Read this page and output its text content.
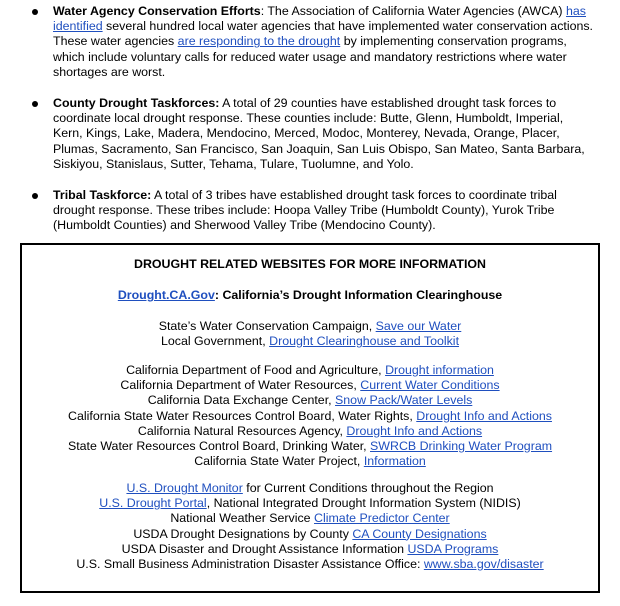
Water Agency Conservation Efforts: The Association of California Water Agencies (AWCA) has identified several hundred local water agencies that have implemented water conservation actions. These water agencies are responding to the drought by implementing conservation programs, which include voluntary calls for reduced water usage and mandatory restrictions where water shortages are worst.
County Drought Taskforces: A total of 29 counties have established drought task forces to coordinate local drought response. These counties include: Butte, Glenn, Humboldt, Imperial, Kern, Kings, Lake, Madera, Mendocino, Merced, Modoc, Monterey, Nevada, Orange, Placer, Plumas, Sacramento, San Francisco, San Joaquin, San Luis Obispo, San Mateo, Santa Barbara, Siskiyou, Stanislaus, Sutter, Tehama, Tulare, Tuolumne, and Yolo.
Tribal Taskforce: A total of 3 tribes have established drought task forces to coordinate tribal drought response. These tribes include: Hoopa Valley Tribe (Humboldt County), Yurok Tribe (Humboldt Counties) and Sherwood Valley Tribe (Mendocino County).
DROUGHT RELATED WEBSITES FOR MORE INFORMATION
Drought.CA.Gov: California’s Drought Information Clearinghouse
State’s Water Conservation Campaign, Save our Water
Local Government, Drought Clearinghouse and Toolkit
California Department of Food and Agriculture, Drought information
California Department of Water Resources, Current Water Conditions
California Data Exchange Center, Snow Pack/Water Levels
California State Water Resources Control Board, Water Rights, Drought Info and Actions
California Natural Resources Agency, Drought Info and Actions
State Water Resources Control Board, Drinking Water, SWRCB Drinking Water Program
California State Water Project, Information
U.S. Drought Monitor for Current Conditions throughout the Region
U.S. Drought Portal, National Integrated Drought Information System (NIDIS)
National Weather Service Climate Predictor Center
USDA Drought Designations by County CA County Designations
USDA Disaster and Drought Assistance Information USDA Programs
U.S. Small Business Administration Disaster Assistance Office: www.sba.gov/disaster
